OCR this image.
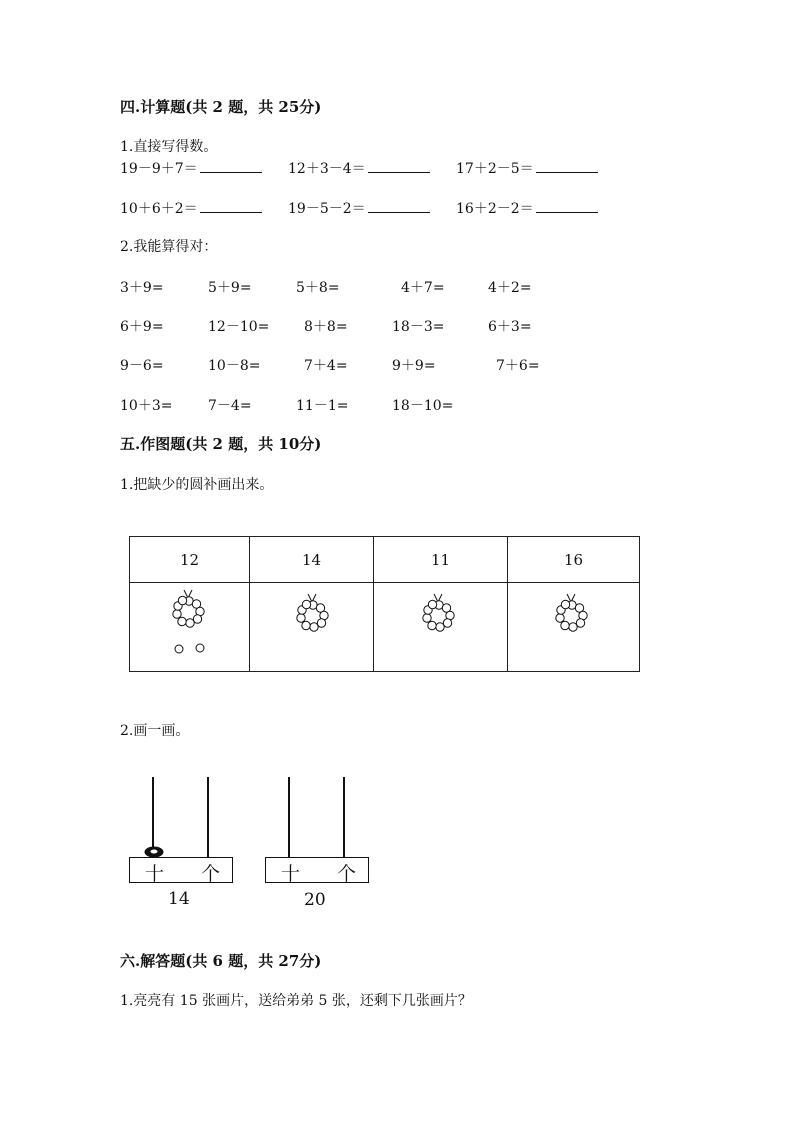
四.计算题(共 2 题，共 25分)
1.直接写得数。
19－9＋7＝	12＋3－4＝	17＋2－5＝
10＋6＋2＝	19－5－2＝	16＋2－2＝
2.我能算得对：
3＋9=	5＋9=	5＋8=	4＋7=	4＋2=
6＋9=	12－10= 8＋8=	18－3=	6＋3=
9－6=	10－8=	7＋4=	9＋9=	7＋6=
10＋3=	7－4=	11－1=	18－10=
五.作图题(共 2 题，共 10分)
1.把缺少的圆补画出来。
12	14	11	16

2.画一画。
十 个
14
十 个
20
六.解答题(共 6 题，共 27分)
1.亮亮有 15 张画片，送给弟弟 5 张，还剩下几张画片？
